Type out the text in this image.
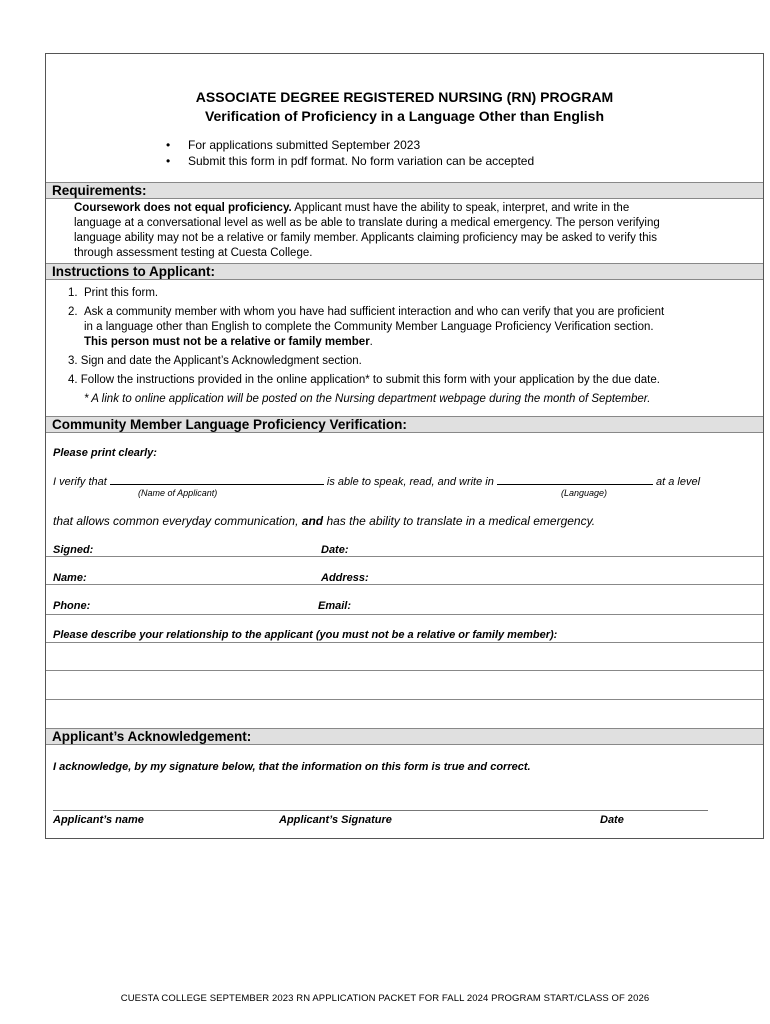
ASSOCIATE DEGREE REGISTERED NURSING (RN) PROGRAM
Verification of Proficiency in a Language Other than English
• For applications submitted September 2023
• Submit this form in pdf format. No form variation can be accepted
Requirements:
Coursework does not equal proficiency. Applicant must have the ability to speak, interpret, and write in the
language at a conversational level as well as be able to translate during a medical emergency. The person verifying
language ability may not be a relative or family member. Applicants claiming proficiency may be asked to verify this
through assessment testing at Cuesta College.
Instructions to Applicant:
1. Print this form.
2. Ask a community member with whom you have had sufficient interaction and who can verify that you are proficient
in a language other than English to complete the Community Member Language Proficiency Verification section.
This person must not be a relative or family member.
3. Sign and date the Applicant’s Acknowledgment section.
4. Follow the instructions provided in the online application* to submit this form with your application by the due date.
* A link to online application will be posted on the Nursing department webpage during the month of September.
Community Member Language Proficiency Verification:
Please print clearly:
I verify that	is able to speak, read, and write in	at a level
(Name of Applicant)	(Language)
that allows common everyday communication, and has the ability to translate in a medical emergency.
Signed:	Date:
Name:	Address:
Phone:	Email:
Please describe your relationship to the applicant (you must not be a relative or family member):
Applicant’s Acknowledgement:
I acknowledge, by my signature below, that the information on this form is true and correct.
Applicant’s name	Applicant’s Signature	Date
CUESTA COLLEGE SEPTEMBER 2023 RN APPLICATION PACKET FOR FALL 2024 PROGRAM START/CLASS OF 2026
